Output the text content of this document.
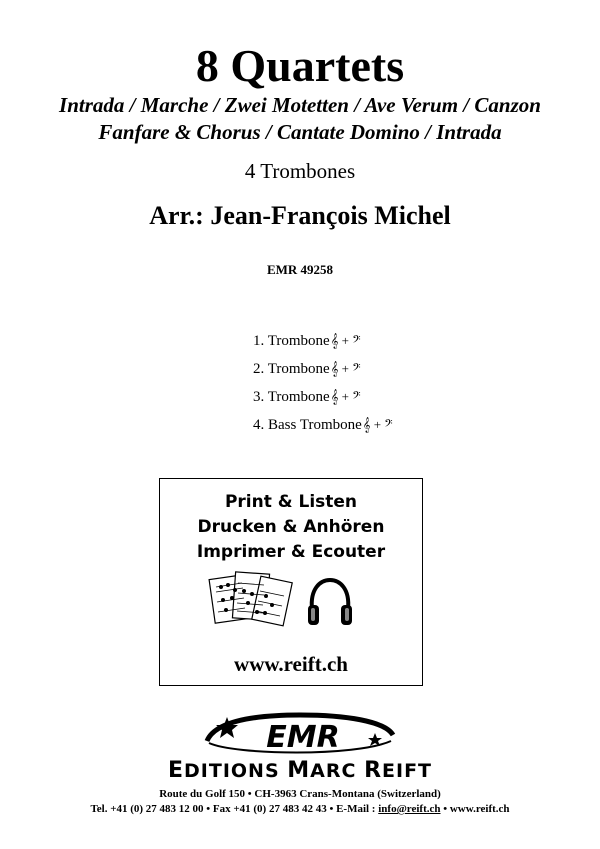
8 Quartets
Intrada / Marche / Zwei Motetten / Ave Verum / Canzon
Fanfare & Chorus / Cantate Domino / Intrada
4 Trombones
Arr.: Jean-François Michel
EMR 49258
1. Trombone 𝄞 + 𝄢
2. Trombone 𝄞 + 𝄢
3. Trombone 𝄞 + 𝄢
4. Bass Trombone 𝄞 + 𝄢
Print & Listen
Drucken & Anhören
Imprimer & Ecouter
www.reift.ch
EMR
EDITIONS MARC REIFT
Route du Golf 150 • CH-3963 Crans-Montana (Switzerland)
Tel. +41 (0) 27 483 12 00 • Fax +41 (0) 27 483 42 43 • E-Mail : info@reift.ch • www.reift.ch
